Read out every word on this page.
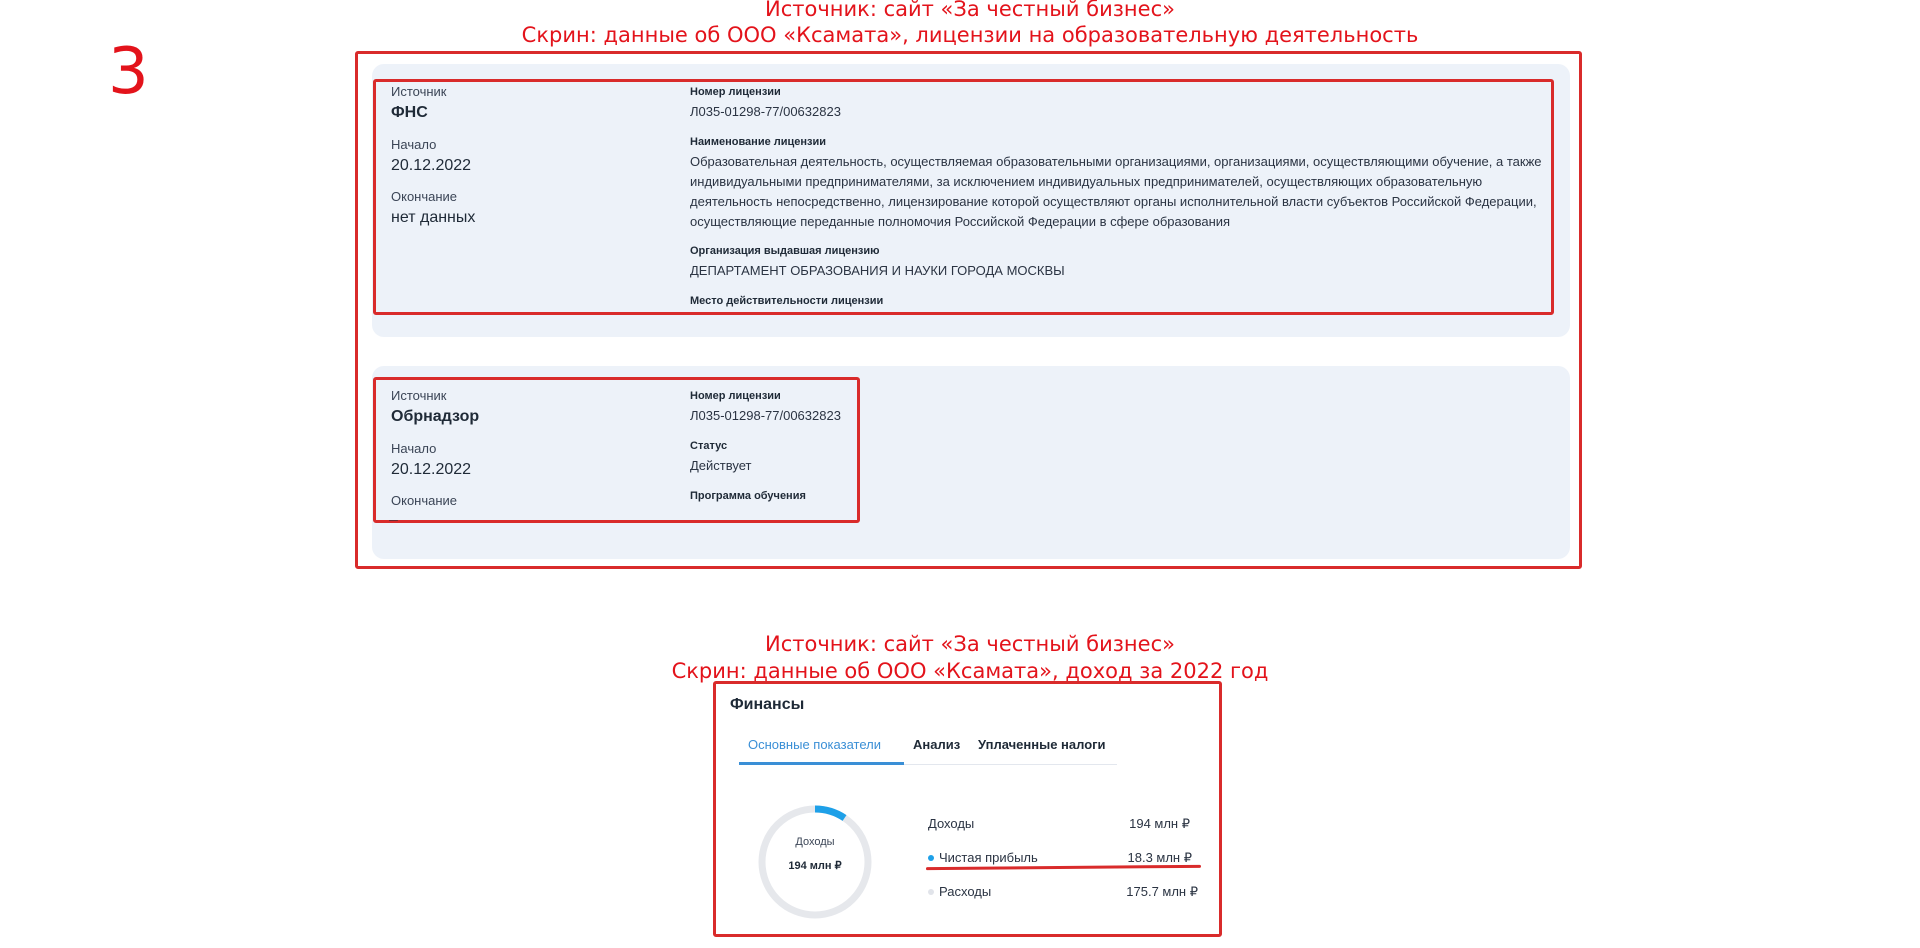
Источник: сайт «За честный бизнес»
Скрин: данные об ООО «Ксамата», лицензии на образовательную деятельность
3	Источник
ФНС
Начало
20.12.2022
Окончание
нет данных
Номер лицензии
Л035-01298-77/00632823
Наименование лицензии
Образовательная деятельность, осуществляемая образовательными организациями, организациями, осуществляющими обучение, а также индивидуальными предпринимателями, за исключением индивидуальных предпринимателей, осуществляющих образовательную деятельность непосредственно, лицензирование которой осуществляют органы исполнительной власти субъектов Российской Федерации, осуществляющие переданные полномочия Российской Федерации в сфере образования
Организация выдавшая лицензию
ДЕПАРТАМЕНТ ОБРАЗОВАНИЯ И НАУКИ ГОРОДА МОСКВЫ
Место действительности лицензии
Источник
Обрнадзор
Начало
20.12.2022
Окончание
–
Номер лицензии
Л035-01298-77/00632823
Статус
Действует
Программа обучения
Источник: сайт «За честный бизнес»
Скрин: данные об ООО «Ксамата», доход за 2022 год
Финансы
Основные показатели Анализ Уплаченные налоги
Доходы
194 млн ₽
Доходы	194 млн ₽
Чистая прибыль	18.3 млн ₽
Расходы	175.7 млн ₽
